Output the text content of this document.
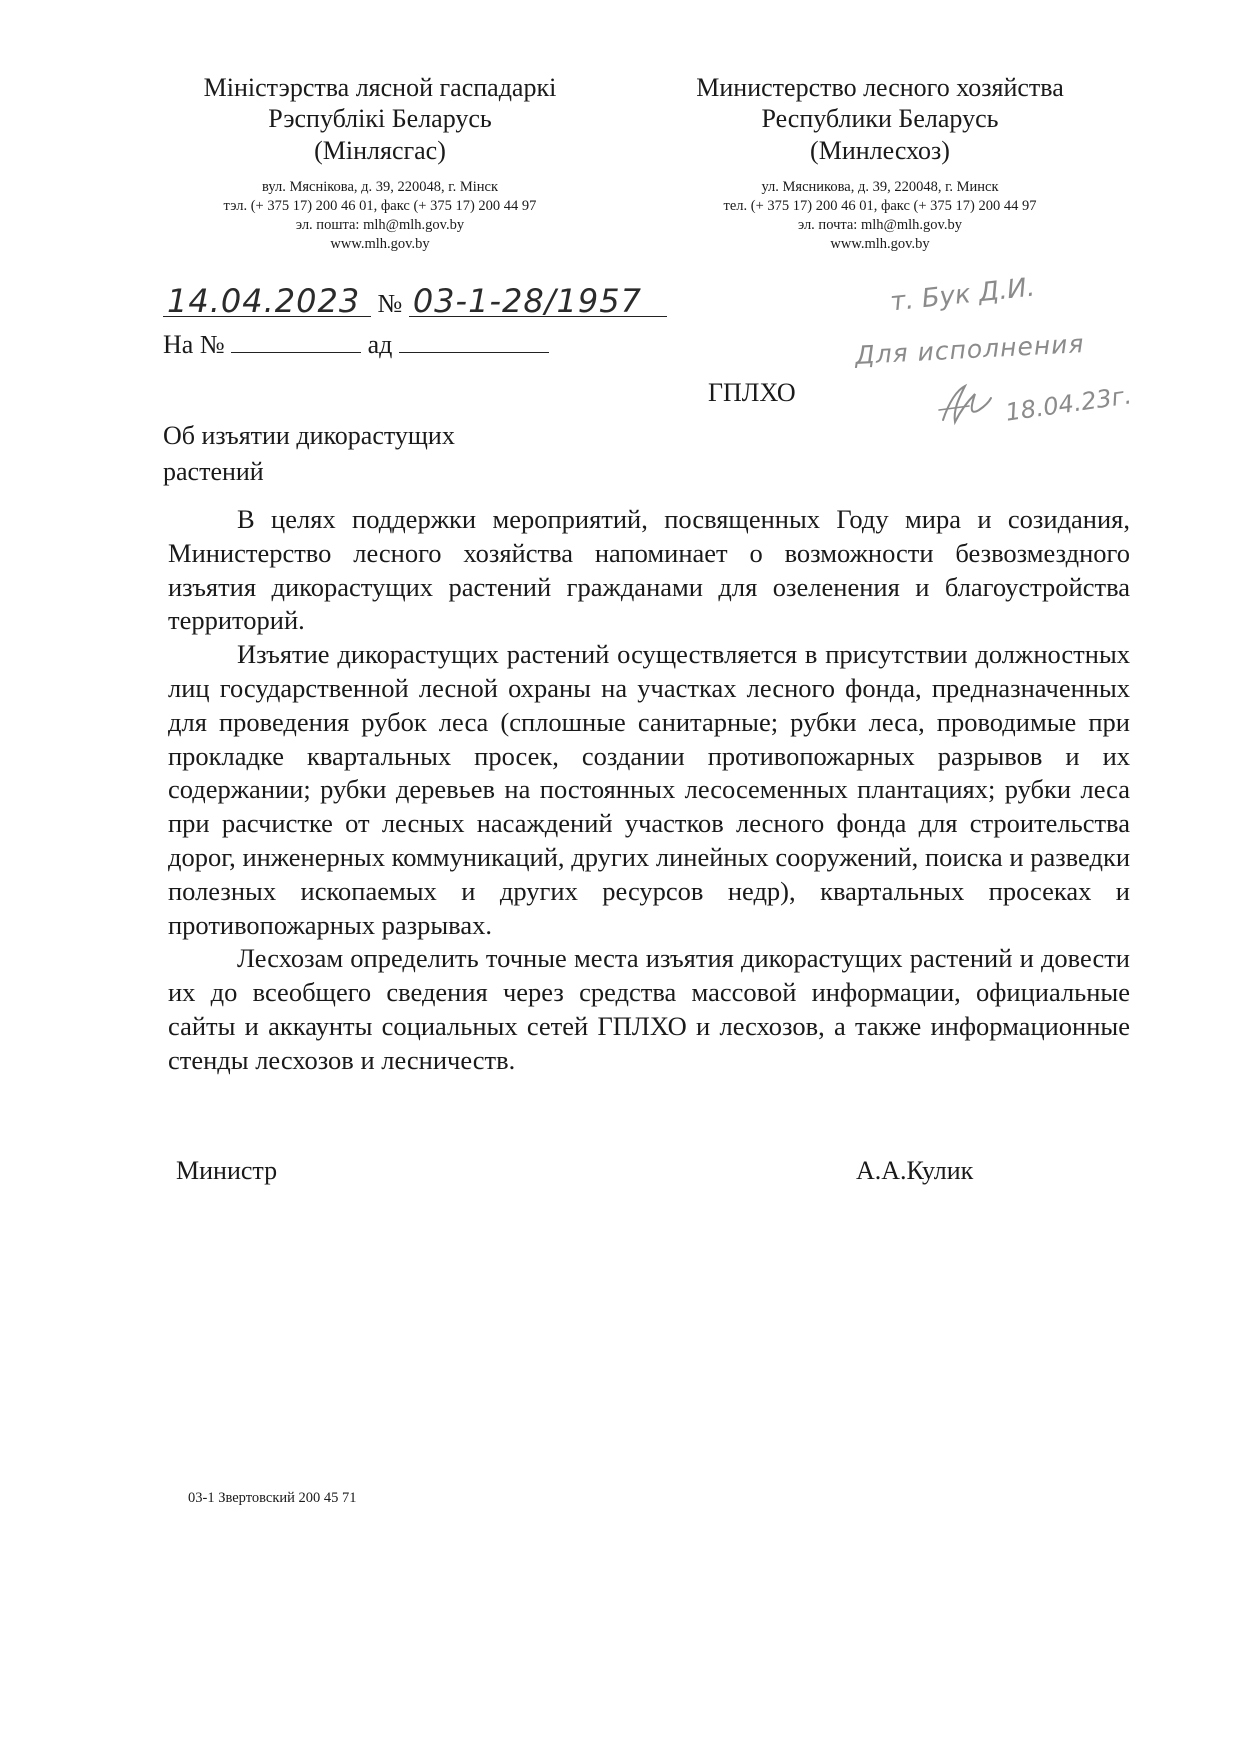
Міністэрства лясной гаспадаркі
Рэспублікі Беларусь
(Мінлясгас)
вул. Мяснікова, д. 39, 220048, г. Мінск
тэл. (+ 375 17) 200 46 01, факс (+ 375 17) 200 44 97
эл. пошта: mlh@mlh.gov.by
www.mlh.gov.by
Министерство лесного хозяйства
Республики Беларусь
(Минлесхоз)
ул. Мясникова, д. 39, 220048, г. Минск
тел. (+ 375 17) 200 46 01, факс (+ 375 17) 200 44 97
эл. почта: mlh@mlh.gov.by
www.mlh.gov.by
14.04.2023 № 03-1-28/1957
На №	ад
ГПЛХО
т. Бук Д.И.
Для исполнения
18.04.23г.
Об изъятии дикорастущих
растений

В целях поддержки мероприятий, посвященных Году мира и созидания, Министерство лесного хозяйства напоминает о возможности безвозмездного изъятия дикорастущих растений гражданами для озеленения и благоустройства территорий.

Изъятие дикорастущих растений осуществляется в присутствии должностных лиц государственной лесной охраны на участках лесного фонда, предназначенных для проведения рубок леса (сплошные санитарные; рубки леса, проводимые при прокладке квартальных просек, создании противопожарных разрывов и их содержании; рубки деревьев на постоянных лесосеменных плантациях; рубки леса при расчистке от лесных насаждений участков лесного фонда для строительства дорог, инженерных коммуникаций, других линейных сооружений, поиска и разведки полезных ископаемых и других ресурсов недр), квартальных просеках и противопожарных разрывах.

Лесхозам определить точные места изъятия дикорастущих растений и довести их до всеобщего сведения через средства массовой информации, официальные сайты и аккаунты социальных сетей ГПЛХО и лесхозов, а также информационные стенды лесхозов и лесничеств.

Министр	А.А.Кулик
03-1 Звертовский 200 45 71
